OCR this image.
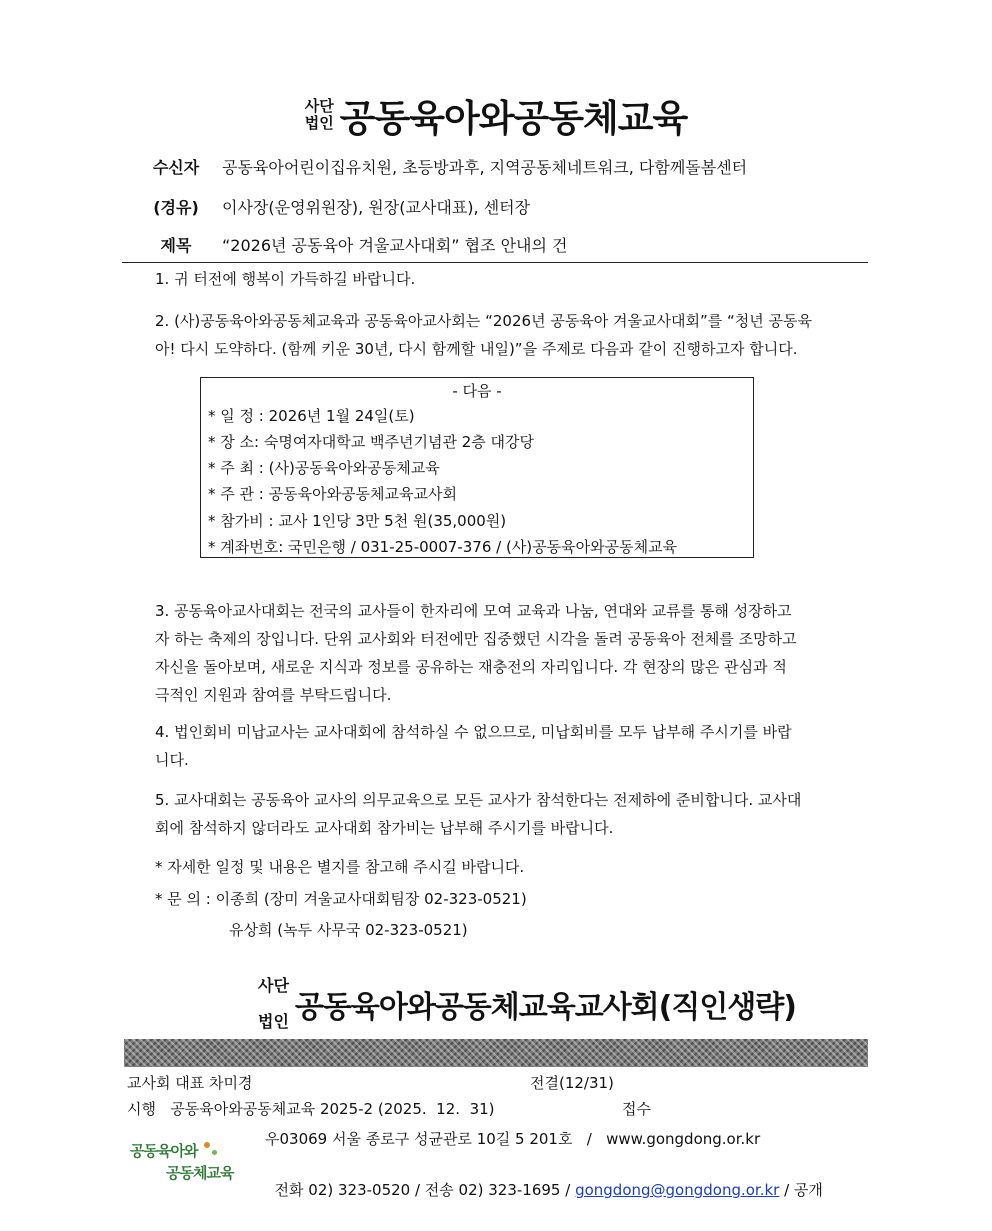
사단
법인 공동육아와공동체교육
수신자	공동육아어린이집유치원, 초등방과후, 지역공동체네트워크, 다함께돌봄센터
(경유)	이사장(운영위원장), 원장(교사대표), 센터장
제목	“2026년 공동육아 겨울교사대회” 협조 안내의 건
1. 귀 터전에 행복이 가득하길 바랍니다.
2. (사)공동육아와공동체교육과 공동육아교사회는 “2026년 공동육아 겨울교사대회”를 “청년 공동육
아! 다시 도약하다. (함께 키운 30년, 다시 함께할 내일)”을 주제로 다음과 같이 진행하고자 합니다.
- 다음 -
* 일 정 : 2026년 1월 24일(토)
* 장 소: 숙명여자대학교 백주년기념관 2층 대강당
* 주 최 : (사)공동육아와공동체교육
* 주 관 : 공동육아와공동체교육교사회
* 참가비 : 교사 1인당 3만 5천 원(35,000원)
* 계좌번호: 국민은행 / 031-25-0007-376 / (사)공동육아와공동체교육
3. 공동육아교사대회는 전국의 교사들이 한자리에 모여 교육과 나눔, 연대와 교류를 통해 성장하고
자 하는 축제의 장입니다. 단위 교사회와 터전에만 집중했던 시각을 돌려 공동육아 전체를 조망하고
자신을 돌아보며, 새로운 지식과 정보를 공유하는 재충전의 자리입니다. 각 현장의 많은 관심과 적
극적인 지원과 참여를 부탁드립니다.
4. 법인회비 미납교사는 교사대회에 참석하실 수 없으므로, 미납회비를 모두 납부해 주시기를 바랍
니다.
5. 교사대회는 공동육아 교사의 의무교육으로 모든 교사가 참석한다는 전제하에 준비합니다. 교사대
회에 참석하지 않더라도 교사대회 참가비는 납부해 주시기를 바랍니다.
* 자세한 일정 및 내용은 별지를 참고해 주시길 바랍니다.
* 문 의 : 이종희 (장미 겨울교사대회팀장 02-323-0521)
유상희 (녹두 사무국 02-323-0521)
사단
법인 공동육아와공동체교육교사회(직인생략)
교사회 대표 차미경	전결(12/31)
시행   공동육아와공동체교육 2025-2 (2025.  12.  31)	접수
공동육아와
공동체교육
우03069 서울 종로구 성균관로 10길 5 201호   /   www.gongdong.or.kr

전화 02) 323-0520 / 전송 02) 323-1695 / gongdong@gongdong.or.kr / 공개
